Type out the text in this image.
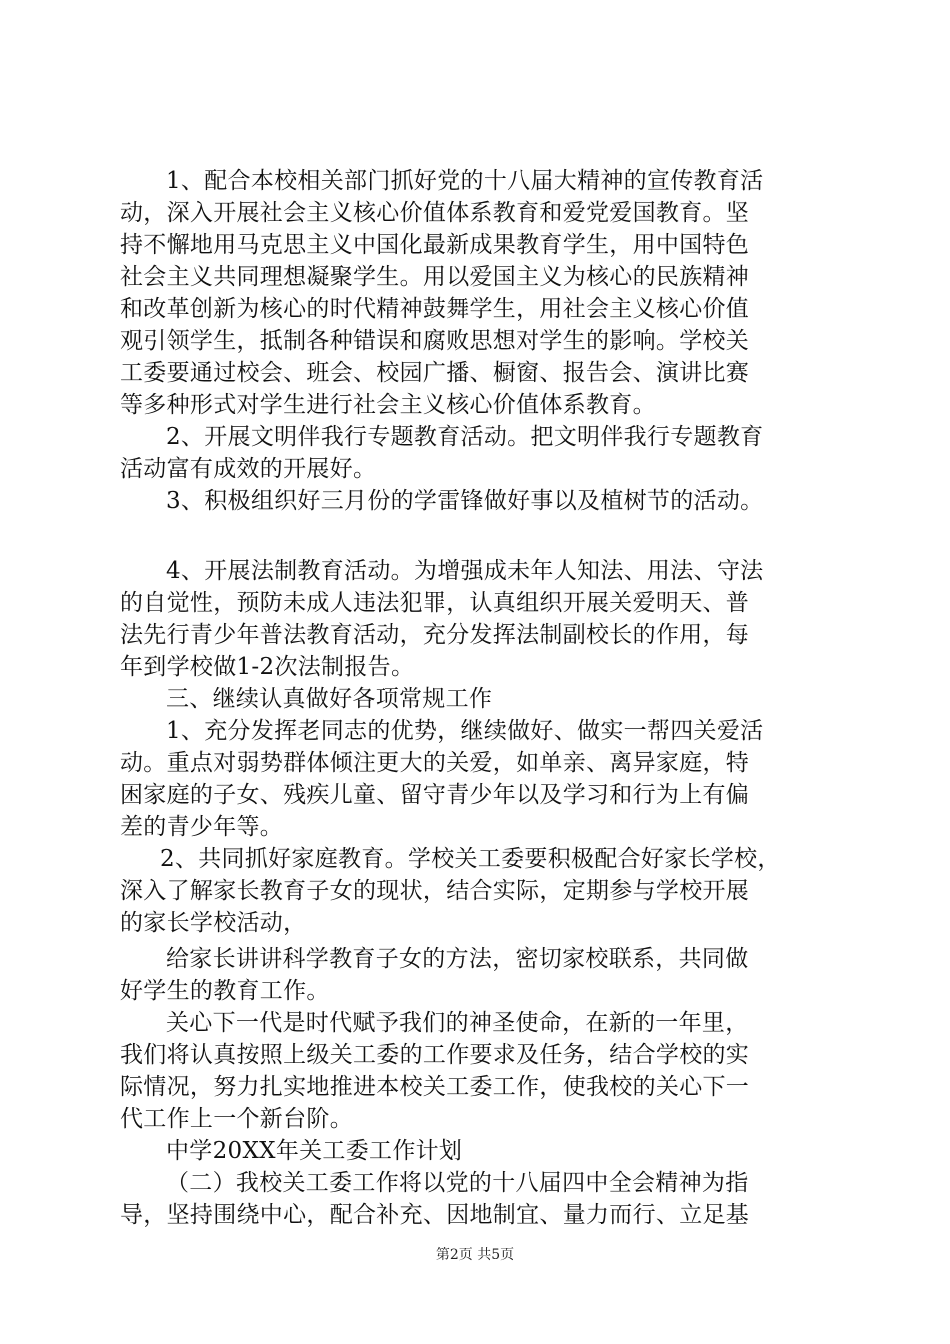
1、配合本校相关部门抓好党的十八届大精神的宣传教育活
动，深入开展社会主义核心价值体系教育和爱党爱国教育。坚
持不懈地用马克思主义中国化最新成果教育学生，用中国特色
社会主义共同理想凝聚学生。用以爱国主义为核心的民族精神
和改革创新为核心的时代精神鼓舞学生，用社会主义核心价值
观引领学生，抵制各种错误和腐败思想对学生的影响。学校关
工委要通过校会、班会、校园广播、橱窗、报告会、演讲比赛
等多种形式对学生进行社会主义核心价值体系教育。
2、开展文明伴我行专题教育活动。把文明伴我行专题教育
活动富有成效的开展好。
3、积极组织好三月份的学雷锋做好事以及植树节的活动。
4、开展法制教育活动。为增强成未年人知法、用法、守法
的自觉性，预防未成人违法犯罪，认真组织开展关爱明天、普
法先行青少年普法教育活动，充分发挥法制副校长的作用，每
年到学校做1-2次法制报告。
三、继续认真做好各项常规工作
1、充分发挥老同志的优势，继续做好、做实一帮四关爱活
动。重点对弱势群体倾注更大的关爱，如单亲、离异家庭，特
困家庭的子女、残疾儿童、留守青少年以及学习和行为上有偏
差的青少年等。
2、共同抓好家庭教育。学校关工委要积极配合好家长学校，
深入了解家长教育子女的现状，结合实际，定期参与学校开展
的家长学校活动，
给家长讲讲科学教育子女的方法，密切家校联系，共同做
好学生的教育工作。
关心下一代是时代赋予我们的神圣使命，在新的一年里，
我们将认真按照上级关工委的工作要求及任务，结合学校的实
际情况，努力扎实地推进本校关工委工作，使我校的关心下一
代工作上一个新台阶。
中学20XX年关工委工作计划
（二）我校关工委工作将以党的十八届四中全会精神为指
导，坚持围绕中心，配合补充、因地制宜、量力而行、立足基
第2页 共5页
